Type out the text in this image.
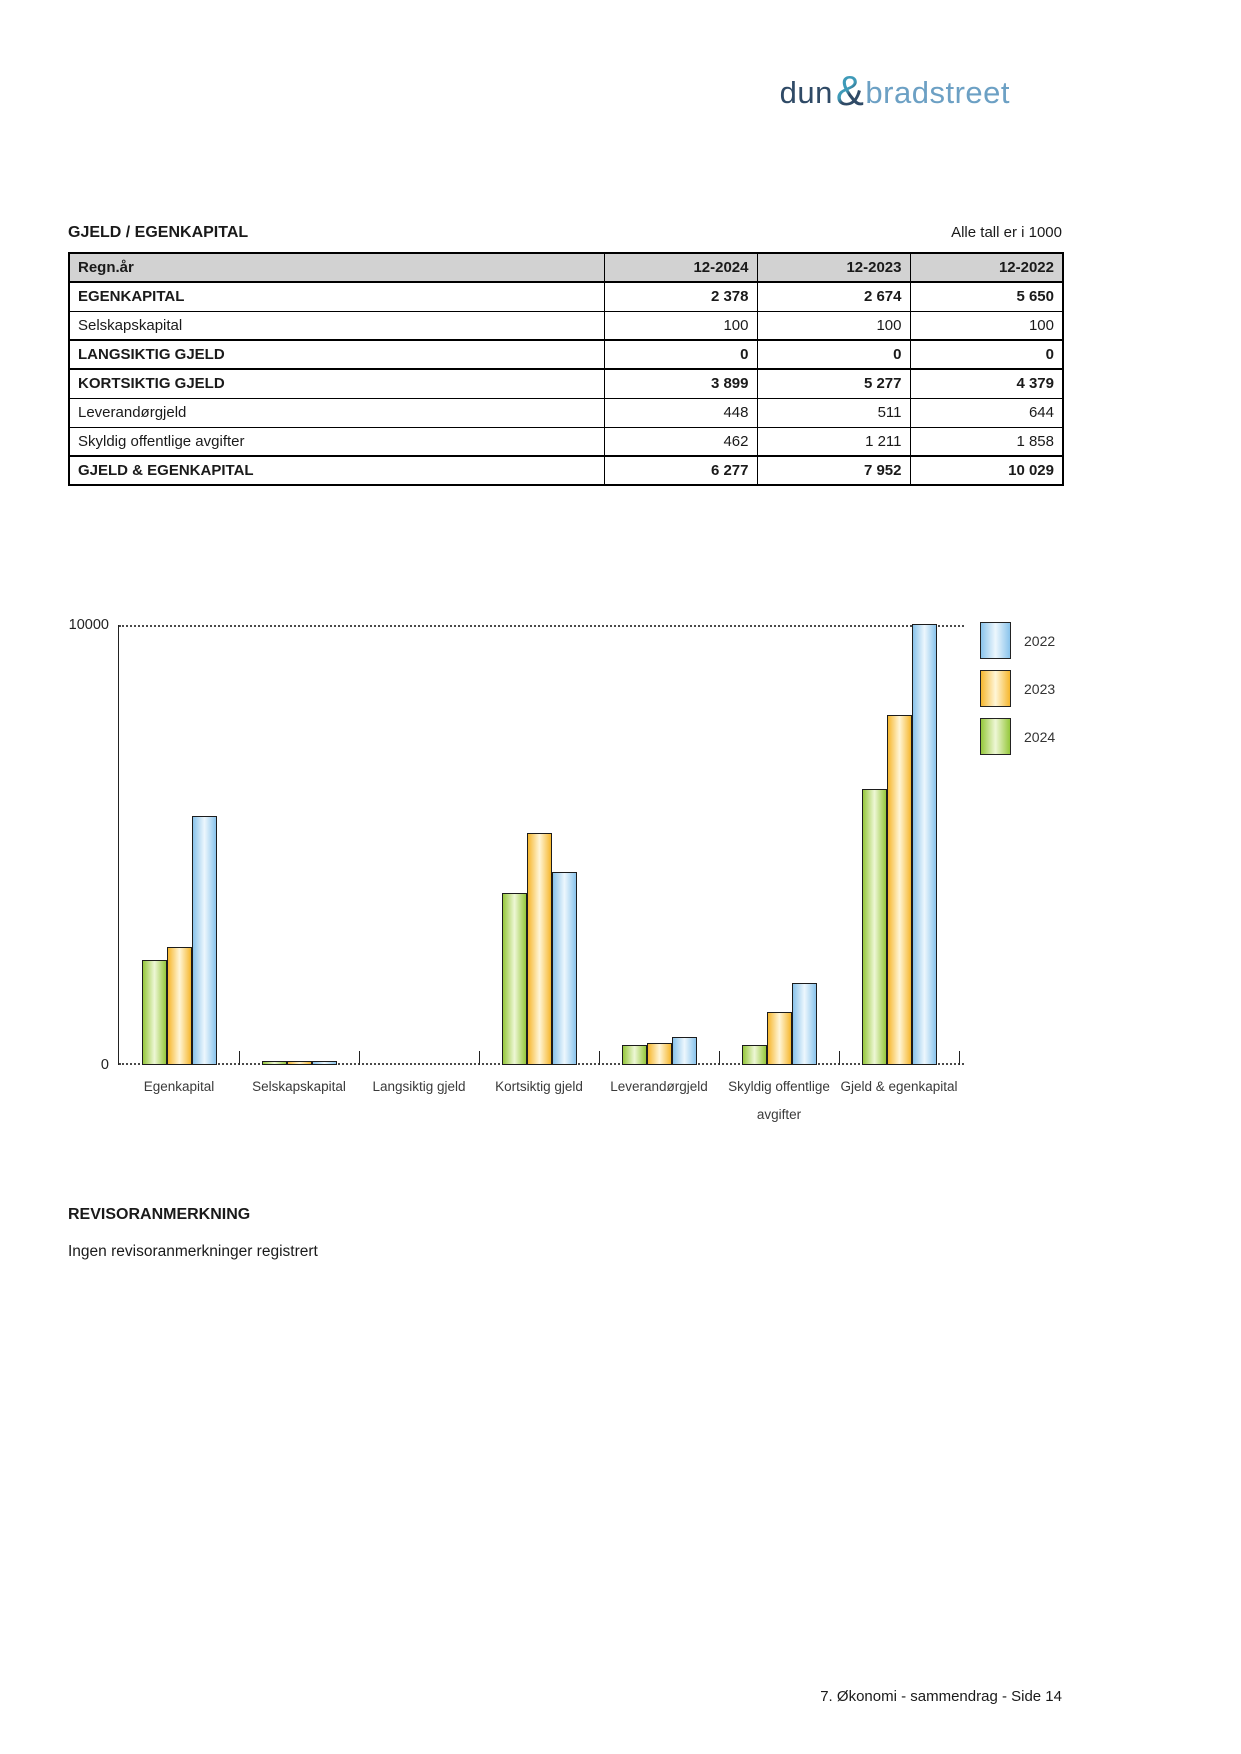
dun & bradstreet
GJELD / EGENKAPITAL	Alle tall er i 1000
Regn.år	12-2024	12-2023	12-2022
EGENKAPITAL	2 378	2 674	5 650
Selskapskapital	100	100	100
LANGSIKTIG GJELD	0	0	0
KORTSIKTIG GJELD	3 899	5 277	4 379
Leverandørgjeld	448	511	644
Skyldig offentlige avgifter	462	1 211	1 858
GJELD & EGENKAPITAL	6 277	7 952	10 029
10000
0
Egenkapital	Selskapskapital	Langsiktig gjeld	Kortsiktig gjeld	Leverandørgjeld	Skyldig offentlige avgifter
Gjeld & egenkapital
2022
2023
2024
REVISORANMERKNING
Ingen revisoranmerkninger registrert
7. Økonomi - sammendrag - Side 14
